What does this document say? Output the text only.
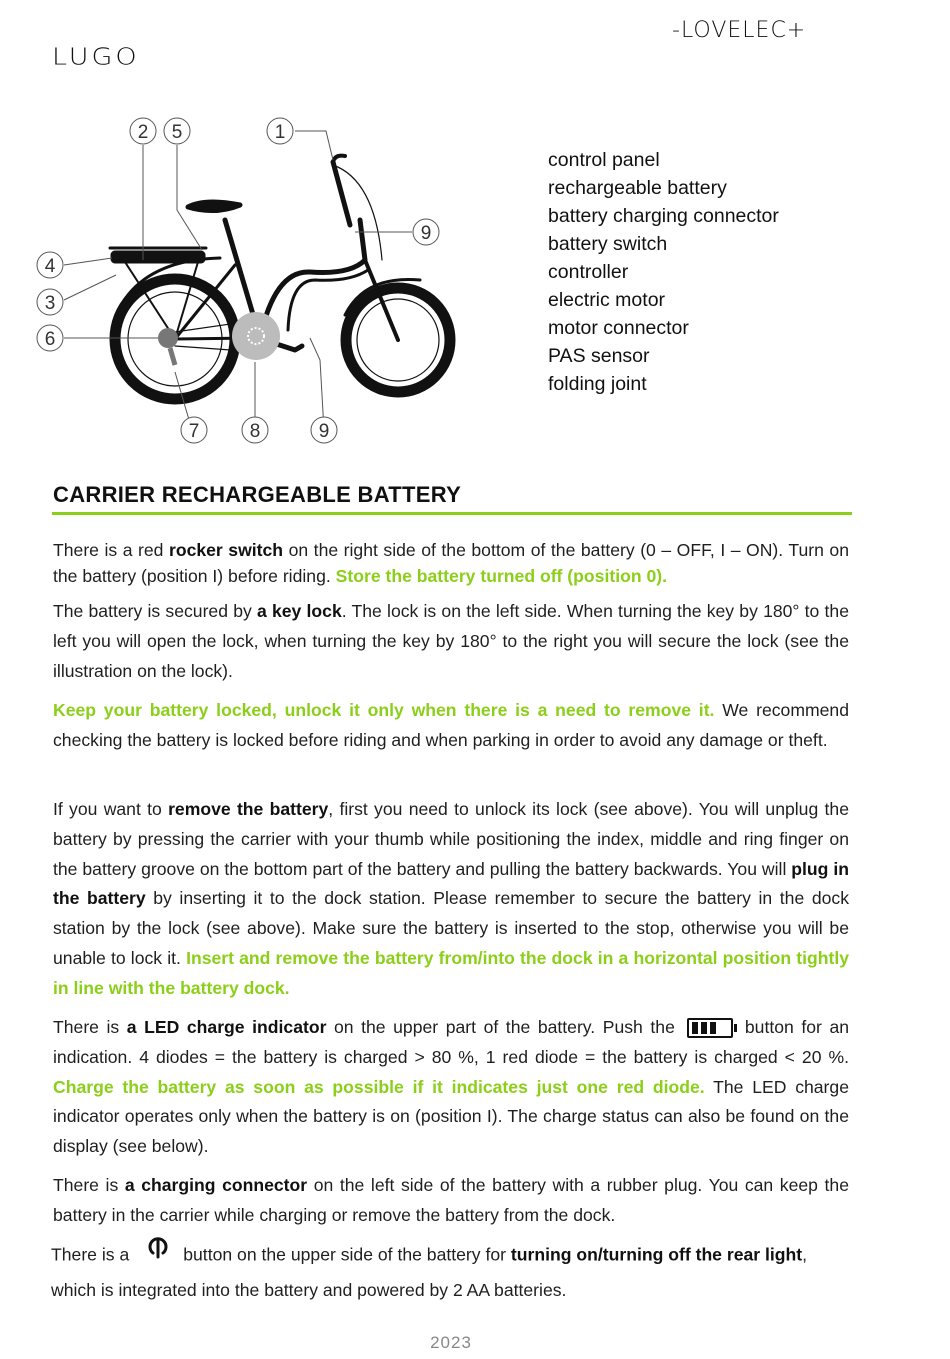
LUGO
-LOVELEC+
1
2
3
4
5
6
7	8
9
9
control panel
rechargeable battery
battery charging connector
battery switch
controller
electric motor
motor connector
PAS sensor
folding joint
CARRIER RECHARGEABLE BATTERY

There is a red rocker switch on the right side of the bottom of the battery (0 – OFF, I – ON). Turn on the battery (position I) before riding. Store the battery turned off (position 0).

The battery is secured by a key lock. The lock is on the left side. When turning the key by 180° to the left you will open the lock, when turning the key by 180° to the right you will secure the lock (see the illustration on the lock).

Keep your battery locked, unlock it only when there is a need to remove it. We recommend checking the battery is locked before riding and when parking in order to avoid any damage or theft.

If you want to remove the battery, first you need to unlock its lock (see above). You will unplug the battery by pressing the carrier with your thumb while positioning the index, middle and ring finger on the battery groove on the bottom part of the battery and pulling the battery backwards. You will plug in the battery by inserting it to the dock station. Please remember to secure the battery in the dock station by the lock (see above). Make sure the battery is inserted to the stop, otherwise you will be unable to lock it. Insert and remove the battery from/into the dock in a horizontal position tightly in line with the battery dock.

There is a LED charge indicator on the upper part of the battery. Push the	button for an indication. 4 diodes = the battery is charged > 80 %, 1 red diode = the battery is charged < 20 %. Charge the battery as soon as possible if it indicates just one red diode. The LED charge indicator operates only when the battery is on (position I). The charge status can also be found on the display (see below).

There is a charging connector on the left side of the battery with a rubber plug. You can keep the battery in the carrier while charging or remove the battery from the dock.

There is a	button on the upper side of the battery for turning on/turning off the rear light, which is integrated into the battery and powered by 2 AA batteries.

2023
